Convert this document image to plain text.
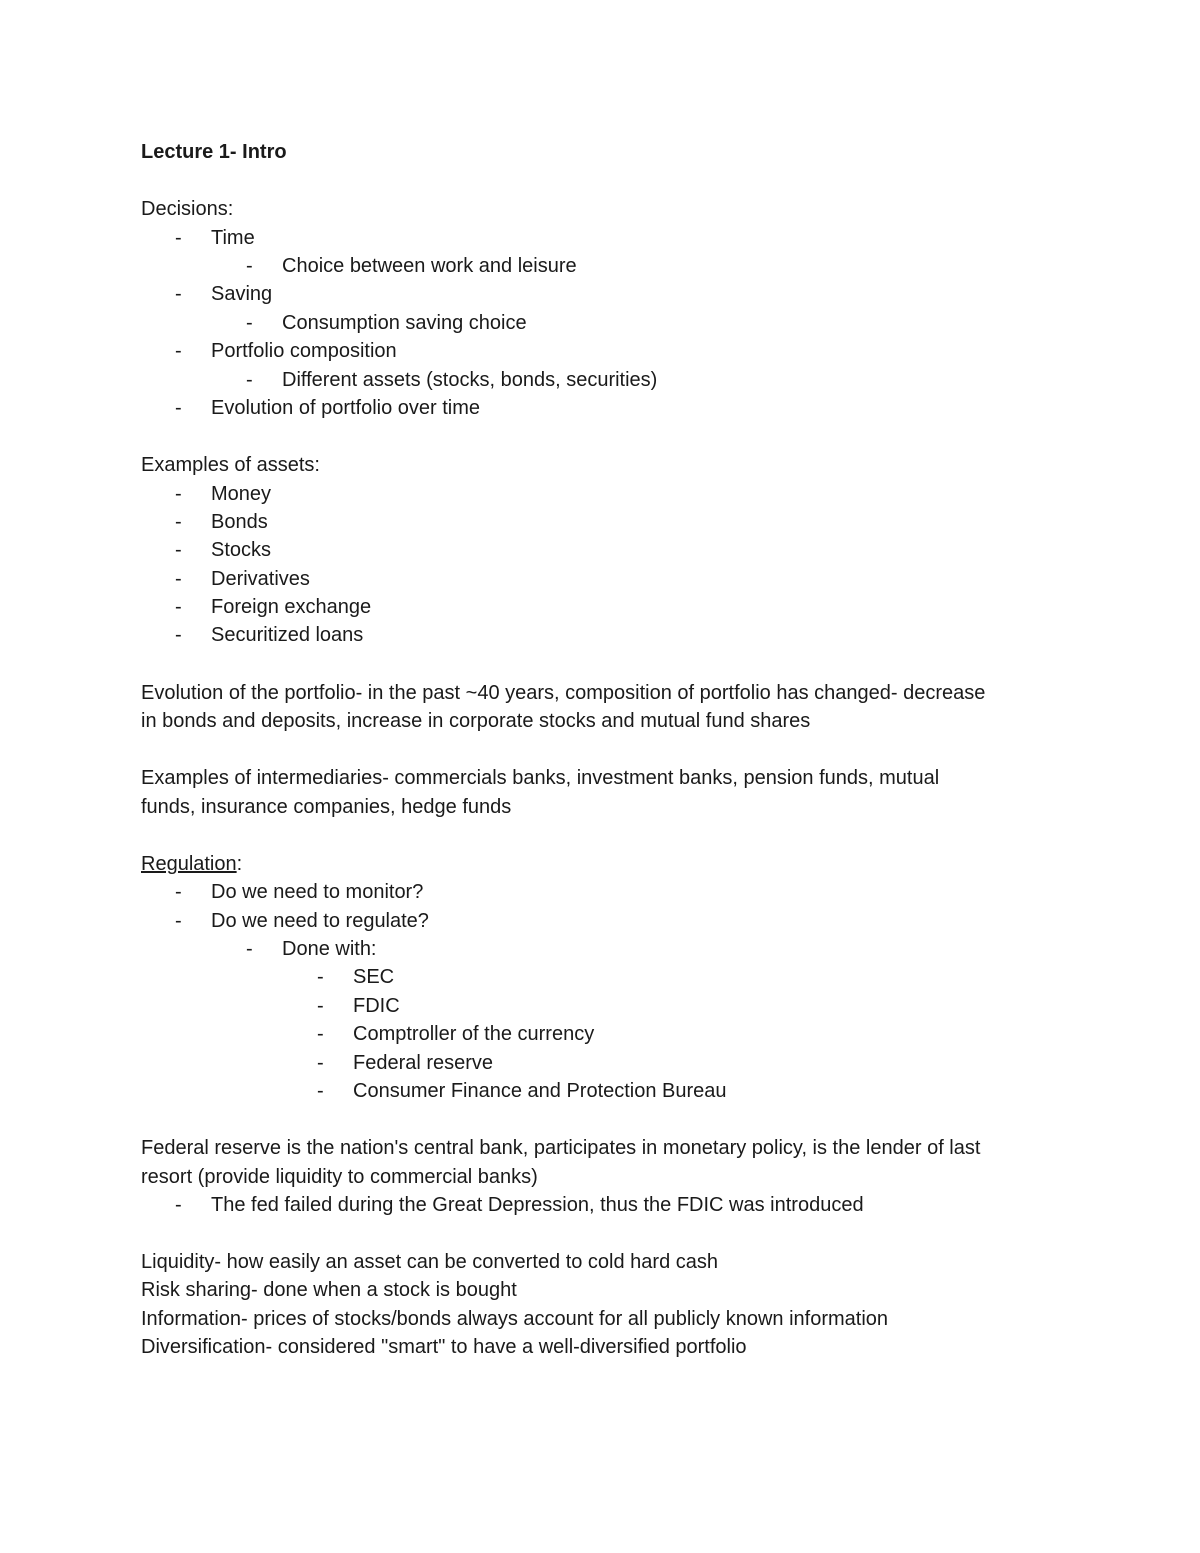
Lecture 1- Intro
Decisions:
- Time
- Choice between work and leisure
- Saving
- Consumption saving choice
- Portfolio composition
- Different assets (stocks, bonds, securities)
- Evolution of portfolio over time
Examples of assets:
- Money
- Bonds
- Stocks
- Derivatives
- Foreign exchange
- Securitized loans
Evolution of the portfolio- in the past ~40 years, composition of portfolio has changed- decrease
in bonds and deposits, increase in corporate stocks and mutual fund shares
Examples of intermediaries- commercials banks, investment banks, pension funds, mutual
funds, insurance companies, hedge funds
Regulation:
- Do we need to monitor?
- Do we need to regulate?
- Done with:
- SEC
- FDIC
- Comptroller of the currency
- Federal reserve
- Consumer Finance and Protection Bureau
Federal reserve is the nation's central bank, participates in monetary policy, is the lender of last
resort (provide liquidity to commercial banks)
- The fed failed during the Great Depression, thus the FDIC was introduced
Liquidity- how easily an asset can be converted to cold hard cash
Risk sharing- done when a stock is bought
Information- prices of stocks/bonds always account for all publicly known information
Diversification- considered "smart" to have a well-diversified portfolio
